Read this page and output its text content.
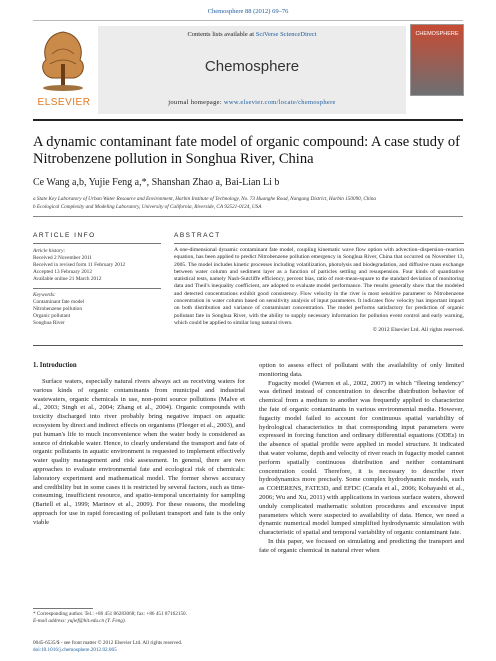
Chemosphere 88 (2012) 69–76
ELSEVIER
Contents lists available at SciVerse ScienceDirect
Chemosphere
journal homepage: www.elsevier.com/locate/chemosphere
CHEMOSPHERE
A dynamic contaminant fate model of organic compound: A case study of Nitrobenzene pollution in Songhua River, China
Ce Wang a,b, Yujie Feng a,*, Shanshan Zhao a, Bai-Lian Li b
a State Key Laboratory of Urban Water Resource and Environment, Harbin Institute of Technology, No. 73 Huanghe Road, Nangang District, Harbin 150090, China
b Ecological Complexity and Modeling Laboratory, University of California, Riverside, CA 92521-0124, USA
ARTICLE INFO
Article history:
Received 2 November 2011
Received in revised form 11 February 2012
Accepted 13 February 2012
Available online 21 March 2012
Keywords:
Contaminant fate model
Nitrobenzene pollution
Organic pollutant
Songhua River
ABSTRACT
A one-dimensional dynamic contaminant fate model, coupling kinematic wave flow option with advection–dispersion–reaction equation, has been applied to predict Nitrobenzene pollution emergency in Songhua River, China that occurred on November 13, 2005. The model includes kinetic processes including volatilization, photolysis and biodegradation, and diffusive mass exchange between water column and sediment layer as a function of particles settling and resuspension. Four kinds of quantitative statistical tests, namely Nash-Sutcliffe efficiency, percent bias, ratio of root-mean-square to the standard deviation of monitoring data and Theil's inequality coefficient, are adopted to evaluate model performance. The results generally show that the modeled and detected concentrations exhibit good consistency. Flow velocity in the river is most sensitive parameter to Nitrobenzene concentration in water column based on sensitivity analysis of input parameters. It indicates flow velocity has important impact on both distribution and variance of contaminant concentration. The model performs satisfactory for prediction of organic pollutant fate in Songhua River, with the ability to supply necessary information for pollution event control and early warning, which could be applied to similar long natural rivers.
© 2012 Elsevier Ltd. All rights reserved.
1. Introduction

Surface waters, especially natural rivers always act as receiving waters for various kinds of organic contaminants from municipal and industrial wastewaters, organic chemicals in use, non-point source pollutions (Malve et al., 2003; Singh et al., 2004; Zhang et al., 2004). Organic compounds with toxicity discharged into river probably bring negative impact on aquatic ecosystem by direct and indirect effects on organisms (Fleeger et al., 2003), and put human's life to much inconvenience when the water body is considered as source of drinkable water. Hence, to clearly understand the transport and fate of organic pollutants in aquatic environment is requested to implement effectively water quality management and risk assessment. In general, there are two approaches to evaluate environmental fate and ecological risk of chemicals: laboratory experiment and mathematical model. The former shows accuracy and credibility but in some cases it is restricted by several factors, such as time-consuming, insufficient resource, and spatio-temporal uncertainty for sampling (Bartell et al., 1999; Marinov et al., 2009). For these reasons, the modeling approach for use in rapid forecasting of pollutant transport and fate is the only viable

option to assess effect of pollutant with the availability of only limited monitoring data.

Fugacity model (Warren et al., 2002, 2007) in which "fleeing tendency" was defined instead of concentration to describe distribution behavior of chemical from a medium to another was frequently applied to characterize the fate of organic contaminants in various environmental media. However, fugacity model failed to account for continuous spatial variability of hydrological characteristics in that corresponding input parameters were expressed in forcing function and ordinary differential equations (ODEs) in the absence of spatial profile were applied in model structure. It indicated that water volume, depth and velocity of river reach in fugacity model cannot perform spatially continuous distribution and neither contaminant concentration could. Therefore, it is necessary to describe river hydrodynamics more precisely. Some complex hydrodynamic models, such as COHERENS, FATE3D, and EFDC (Carafa et al., 2006; Kobayashi et al., 2006; Wu and Xu, 2011) with applications in various surface waters, showed unduly complicated mathematic solution procedures and excessive input parameters which were suspected to availability of data. Hence, we need a dynamic numerical model lumped simplified hydrodynamic simulation with characteristic of spatial and temporal variability of organic contaminant fate.

In this paper, we focused on simulating and predicting the transport and fate of organic chemical in natural river when

* Corresponding author. Tel.: +86 451 86283068; fax: +86 451 87162150.
E-mail address: yujief@hit.edu.cn (Y. Feng).
0045-6535/$ - see front matter © 2012 Elsevier Ltd. All rights reserved.
doi:10.1016/j.chemosphere.2012.02.065
